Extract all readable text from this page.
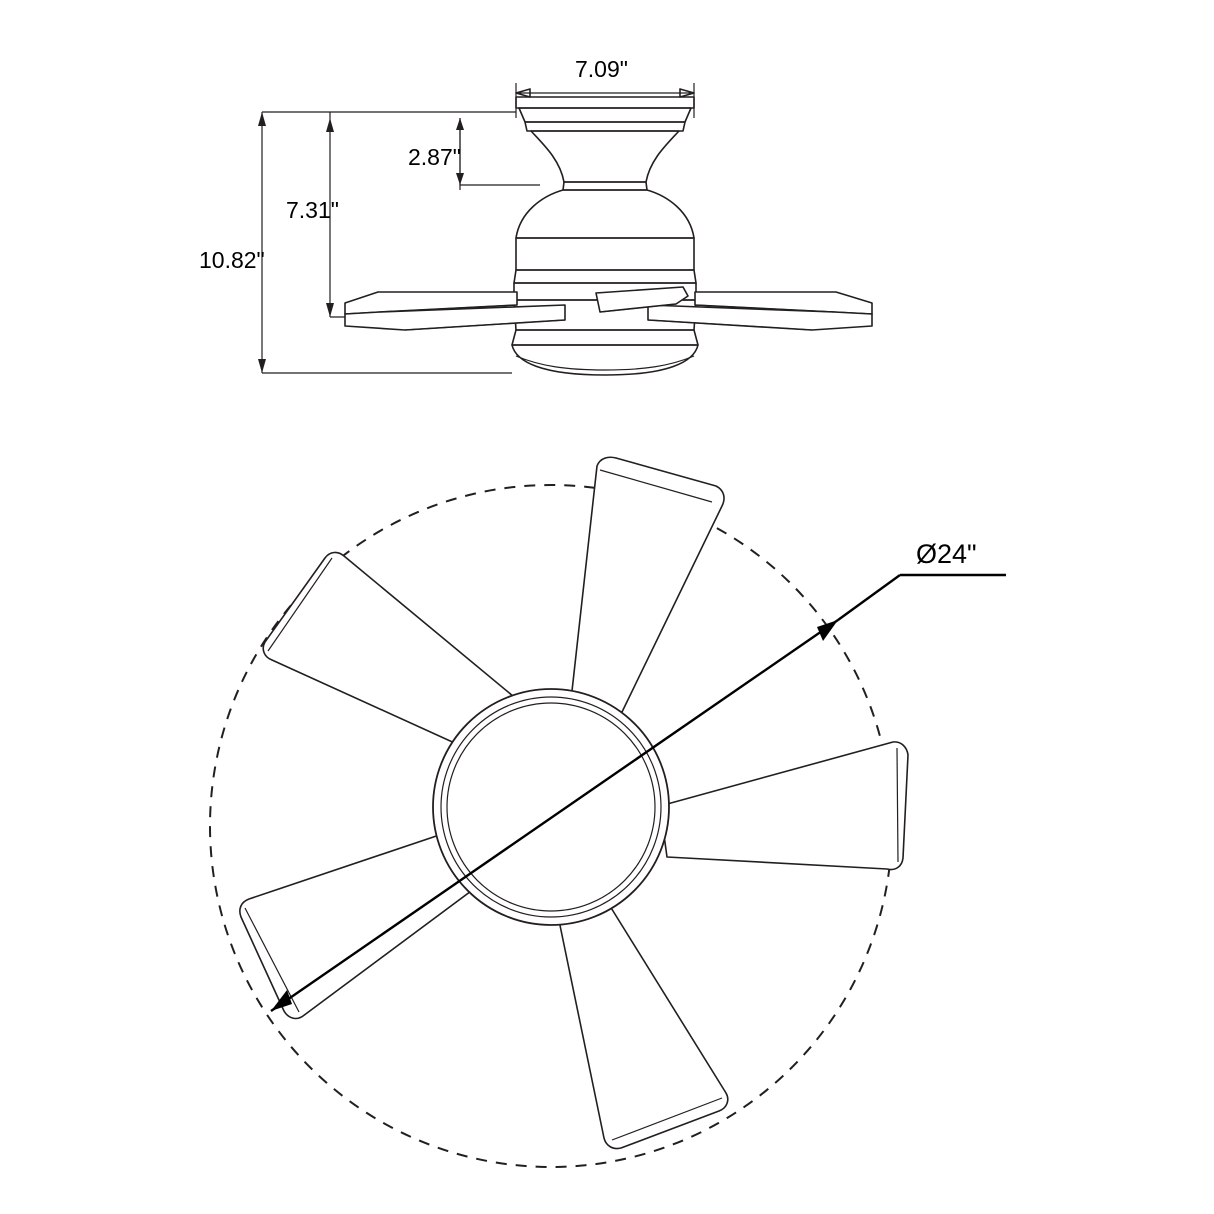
7.09"
2.87"
7.31"
10.82"
Ø24"
